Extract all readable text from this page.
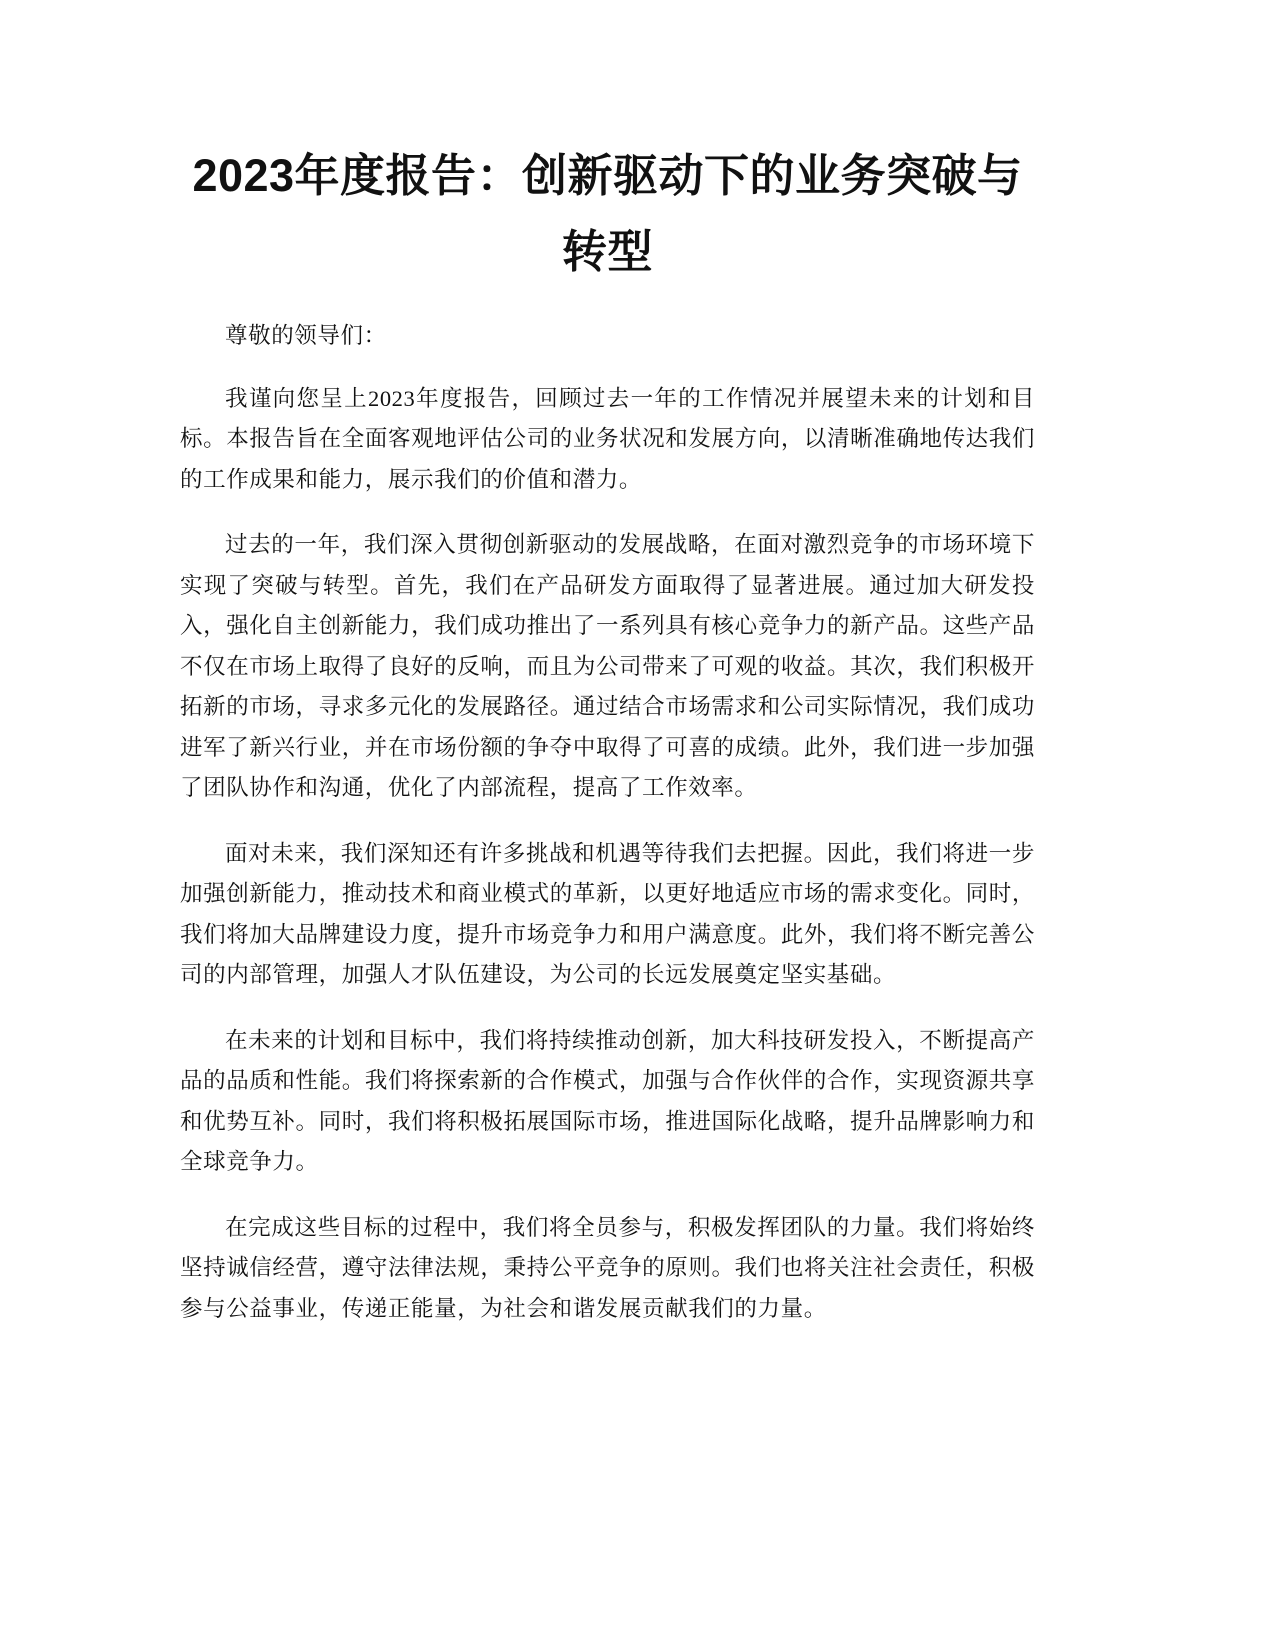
2023年度报告：创新驱动下的业务突破与转型

尊敬的领导们：

我谨向您呈上2023年度报告，回顾过去一年的工作情况并展望未来的计划和目标。本报告旨在全面客观地评估公司的业务状况和发展方向，以清晰准确地传达我们的工作成果和能力，展示我们的价值和潜力。

过去的一年，我们深入贯彻创新驱动的发展战略，在面对激烈竞争的市场环境下实现了突破与转型。首先，我们在产品研发方面取得了显著进展。通过加大研发投入，强化自主创新能力，我们成功推出了一系列具有核心竞争力的新产品。这些产品不仅在市场上取得了良好的反响，而且为公司带来了可观的收益。其次，我们积极开拓新的市场，寻求多元化的发展路径。通过结合市场需求和公司实际情况，我们成功进军了新兴行业，并在市场份额的争夺中取得了可喜的成绩。此外，我们进一步加强了团队协作和沟通，优化了内部流程，提高了工作效率。

面对未来，我们深知还有许多挑战和机遇等待我们去把握。因此，我们将进一步加强创新能力，推动技术和商业模式的革新，以更好地适应市场的需求变化。同时，我们将加大品牌建设力度，提升市场竞争力和用户满意度。此外，我们将不断完善公司的内部管理，加强人才队伍建设，为公司的长远发展奠定坚实基础。

在未来的计划和目标中，我们将持续推动创新，加大科技研发投入，不断提高产品的品质和性能。我们将探索新的合作模式，加强与合作伙伴的合作，实现资源共享和优势互补。同时，我们将积极拓展国际市场，推进国际化战略，提升品牌影响力和全球竞争力。

在完成这些目标的过程中，我们将全员参与，积极发挥团队的力量。我们将始终坚持诚信经营，遵守法律法规，秉持公平竞争的原则。我们也将关注社会责任，积极参与公益事业，传递正能量，为社会和谐发展贡献我们的力量。
